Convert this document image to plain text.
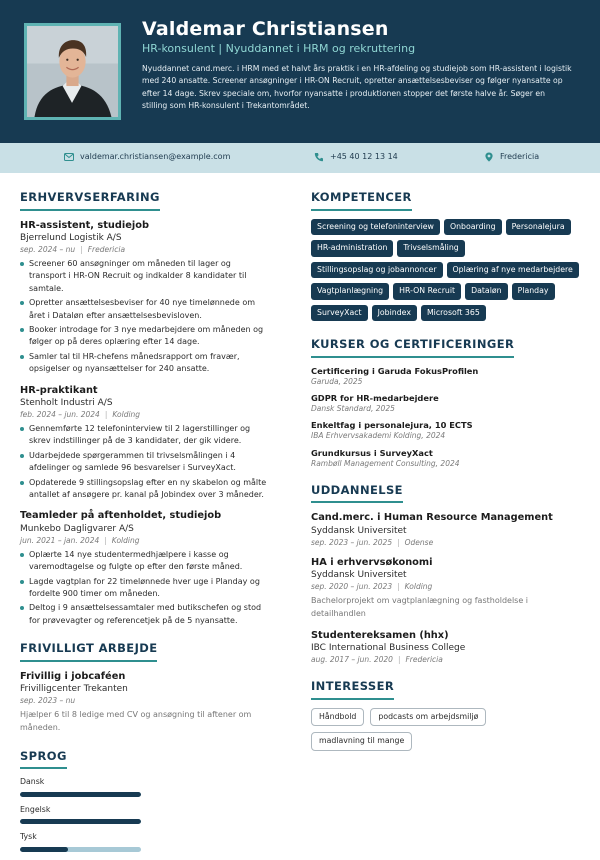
Valdemar Christiansen
HR-konsulent | Nyuddannet i HRM og rekruttering
Nyuddannet cand.merc. i HRM med et halvt års praktik i en HR-afdeling og studiejob som HR-assistent i logistik med 240 ansatte. Screener ansøgninger i HR-ON Recruit, opretter ansættelsesbeviser og følger nyansatte op efter 14 dage. Skrev speciale om, hvorfor nyansatte i produktionen stopper det første halve år. Søger en stilling som HR-konsulent i Trekantområdet.
valdemar.christiansen@example.com	+45 40 12 13 14	Fredericia
ERHVERVSERFARING
HR-assistent, studiejob
Bjerrelund Logistik A/S
sep. 2024 – nu | Fredericia
Screener 60 ansøgninger om måneden til lager og transport i HR-ON Recruit og indkalder 8 kandidater til samtale.
Opretter ansættelsesbeviser for 40 nye timelønnede om året i Dataløn efter ansættelsesbevisloven.
Booker introdage for 3 nye medarbejdere om måneden og følger op på deres oplæring efter 14 dage.
Samler tal til HR-chefens månedsrapport om fravær, opsigelser og nyansættelser for 240 ansatte.
HR-praktikant
Stenholt Industri A/S
feb. 2024 – jun. 2024 | Kolding
Gennemførte 12 telefoninterview til 2 lagerstillinger og skrev indstillinger på de 3 kandidater, der gik videre.
Udarbejdede spørgerammen til trivselsmålingen i 4 afdelinger og samlede 96 besvarelser i SurveyXact.
Opdaterede 9 stillingsopslag efter en ny skabelon og målte antallet af ansøgere pr. kanal på Jobindex over 3 måneder.
Teamleder på aftenholdet, studiejob
Munkebo Dagligvarer A/S
jun. 2021 – jan. 2024 | Kolding
Oplærte 14 nye studentermedhjælpere i kasse og varemodtagelse og fulgte op efter den første måned.
Lagde vagtplan for 22 timelønnede hver uge i Planday og fordelte 900 timer om måneden.
Deltog i 9 ansættelsessamtaler med butikschefen og stod for prøvevagter og referencetjek på de 5 nyansatte.
FRIVILLIGT ARBEJDE
Frivillig i jobcaféen
Frivilligcenter Trekanten
sep. 2023 – nu
Hjælper 6 til 8 ledige med CV og ansøgning til aftener om måneden.
SPROG
Dansk
Engelsk
Tysk
KOMPETENCER
Screening og telefoninterview	Onboarding	Personalejura
HR-administration	Trivselsmåling
Stillingsopslag og jobannoncer	Oplæring af nye medarbejdere
Vagtplanlægning	HR-ON Recruit	Dataløn	Planday
SurveyXact	Jobindex	Microsoft 365
KURSER OG CERTIFICERINGER
Certificering i Garuda FokusProfilen
Garuda, 2025
GDPR for HR-medarbejdere
Dansk Standard, 2025
Enkeltfag i personalejura, 10 ECTS
IBA Erhvervsakademi Kolding, 2024
Grundkursus i SurveyXact
Rambøll Management Consulting, 2024
UDDANNELSE
Cand.merc. i Human Resource Management
Syddansk Universitet
sep. 2023 – jun. 2025 | Odense
HA i erhvervsøkonomi
Syddansk Universitet
sep. 2020 – jun. 2023 | Kolding
Bachelorprojekt om vagtplanlægning og fastholdelse i detailhandlen
Studentereksamen (hhx)
IBC International Business College
aug. 2017 – jun. 2020 | Fredericia
INTERESSER
Håndbold	podcasts om arbejdsmiljø
madlavning til mange
